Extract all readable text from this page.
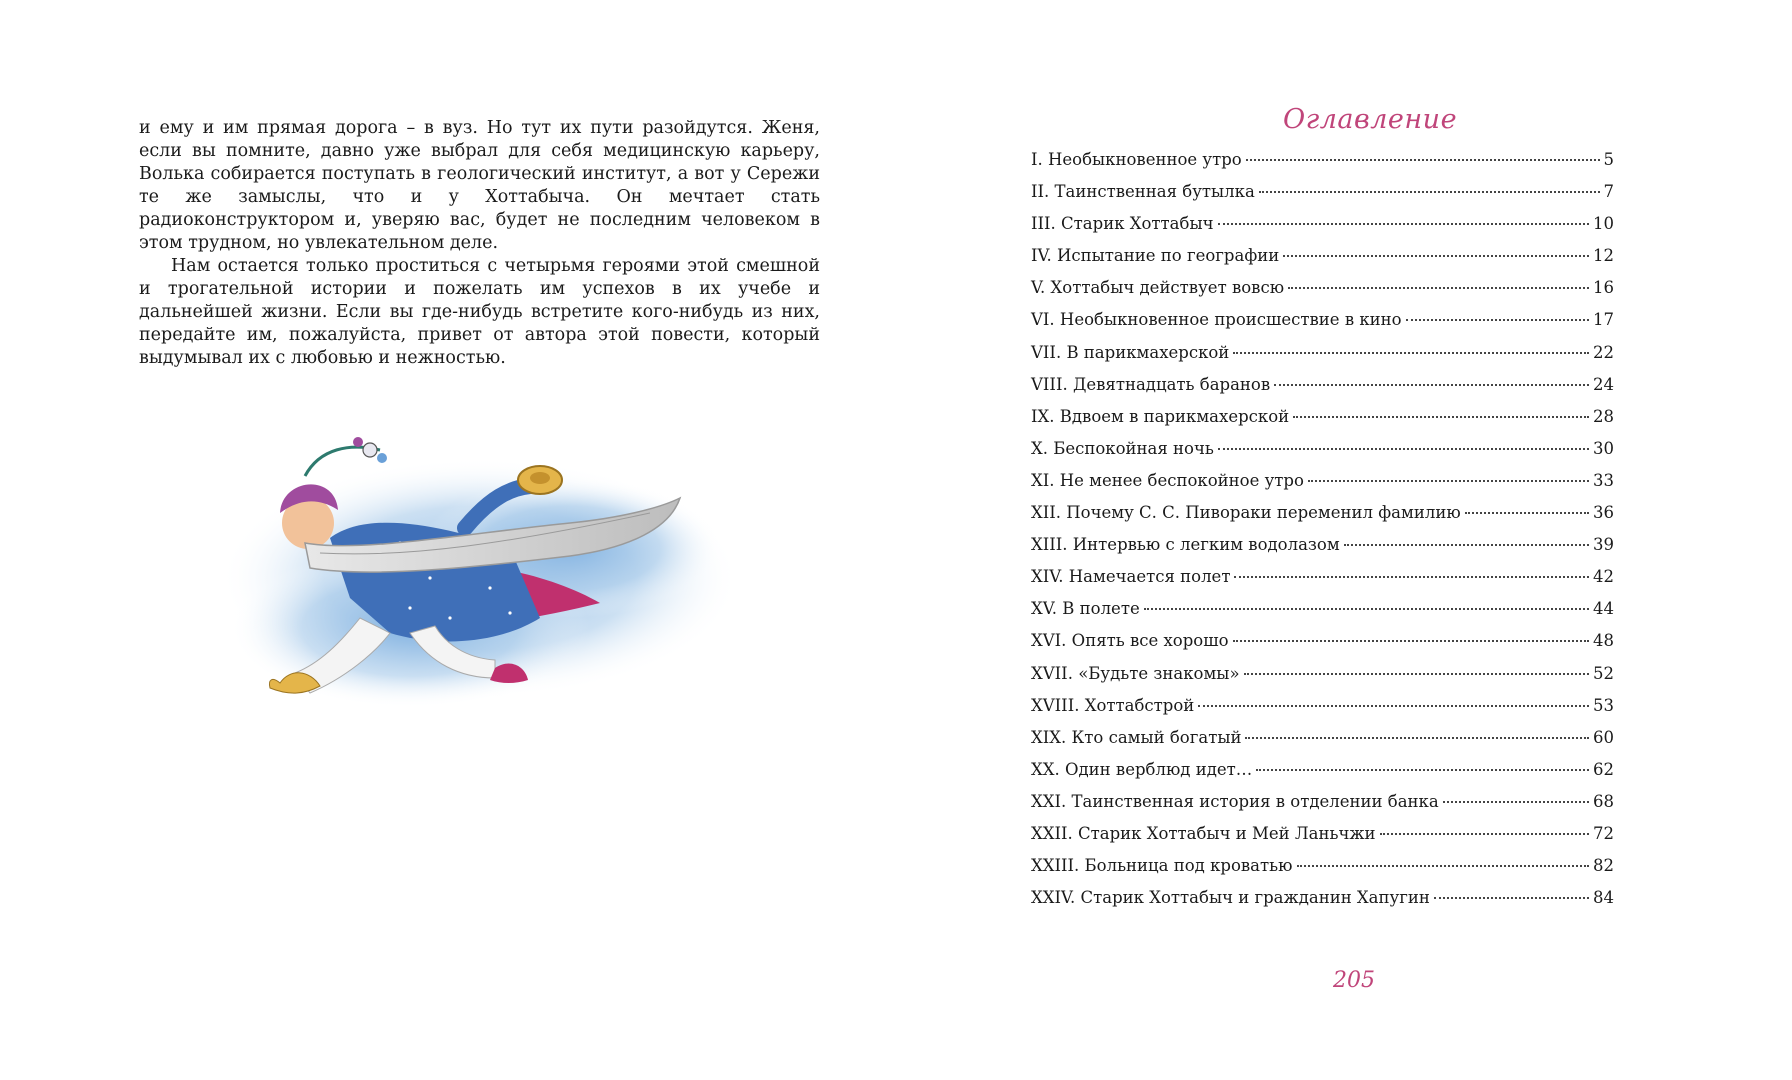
и ему и им прямая дорога – в вуз. Но тут их пути разойдутся. Женя, если вы помните, давно уже выбрал для себя медицинскую карьеру, Волька собирается поступать в геологический институт, а вот у Сережи те же замыслы, что и у Хоттабыча. Он мечтает стать радиоконструктором и, уверяю вас, будет не последним человеком в этом трудном, но увлекательном деле.

Нам остается только проститься с четырьмя героями этой смешной и трогательной истории и пожелать им успехов в их учебе и дальнейшей жизни. Если вы где-нибудь встретите кого-нибудь из них, передайте им, пожалуйста, привет от автора этой повести, который выдумывал их с любовью и нежностью.

Оглавление
I. Необыкновенное утро	5
II. Таинственная бутылка	7
III. Старик Хоттабыч	10
IV. Испытание по географии	12
V. Хоттабыч действует вовсю	16
VI. Необыкновенное происшествие в кино	17
VII. В парикмахерской	22
VIII. Девятнадцать баранов	24
IX. Вдвоем в парикмахерской	28
X. Беспокойная ночь	30
XI. Не менее беспокойное утро	33
XII. Почему С. С. Пивораки переменил фамилию	36
XIII. Интервью с легким водолазом	39
XIV. Намечается полет	42
XV. В полете	44
XVI. Опять все хорошо	48
XVII. «Будьте знакомы»	52
XVIII. Хоттабстрой	53
XIX. Кто самый богатый	60
XX. Один верблюд идет…	62
XXI. Таинственная история в отделении банка	68
XXII. Старик Хоттабыч и Мей Ланьчжи	72
XXIII. Больница под кроватью	82
XXIV. Старик Хоттабыч и гражданин Хапугин	84
205
